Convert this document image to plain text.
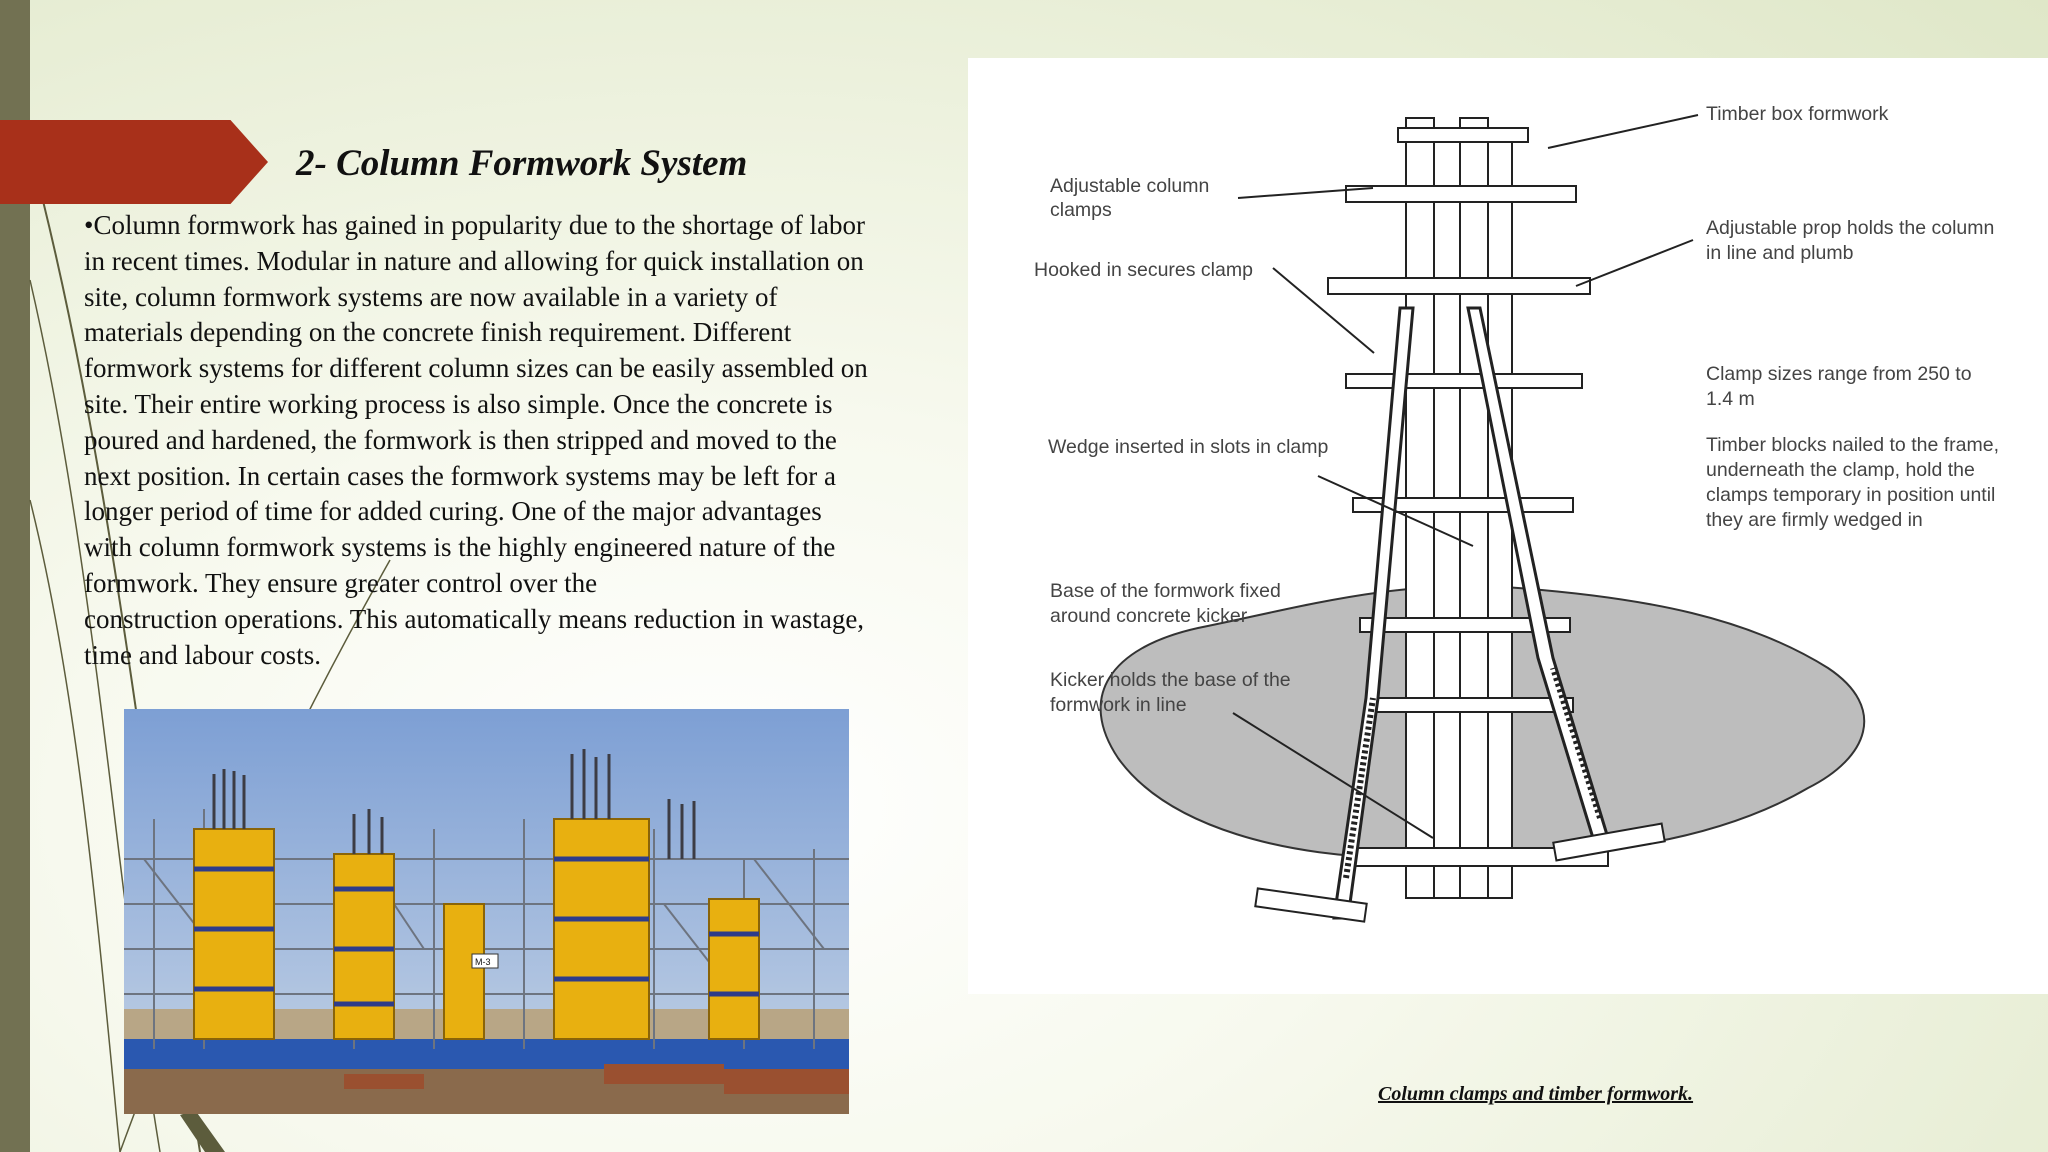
2- Column Formwork System
•Column formwork has gained in popularity due to the shortage of labor
in recent times. Modular in nature and allowing for quick installation on
site, column formwork systems are now available in a variety of
materials depending on the concrete finish requirement. Different
formwork systems for different column sizes can be easily assembled on
site. Their entire working process is also simple. Once the concrete is
poured and hardened, the formwork is then stripped and moved to the
next position. In certain cases the formwork systems may be left for a
longer period of time for added curing. One of the major advantages
with column formwork systems is the highly engineered nature of the
formwork. They ensure greater control over the
construction operations. This automatically means reduction in wastage,
time and labour costs.
M-3
Timber box formwork
Adjustable column
clamps
Hooked in secures clamp
Adjustable prop holds the column
in line and plumb
Clamp sizes range from 250 to
1.4 m
Wedge inserted in slots in clamp	Timber blocks nailed to the frame,
underneath the clamp, hold the
clamps temporary in position until
they are firmly wedged in
Base of the formwork fixed
around concrete kicker
Kicker holds the base of the
formwork in line
Column clamps and timber formwork.
